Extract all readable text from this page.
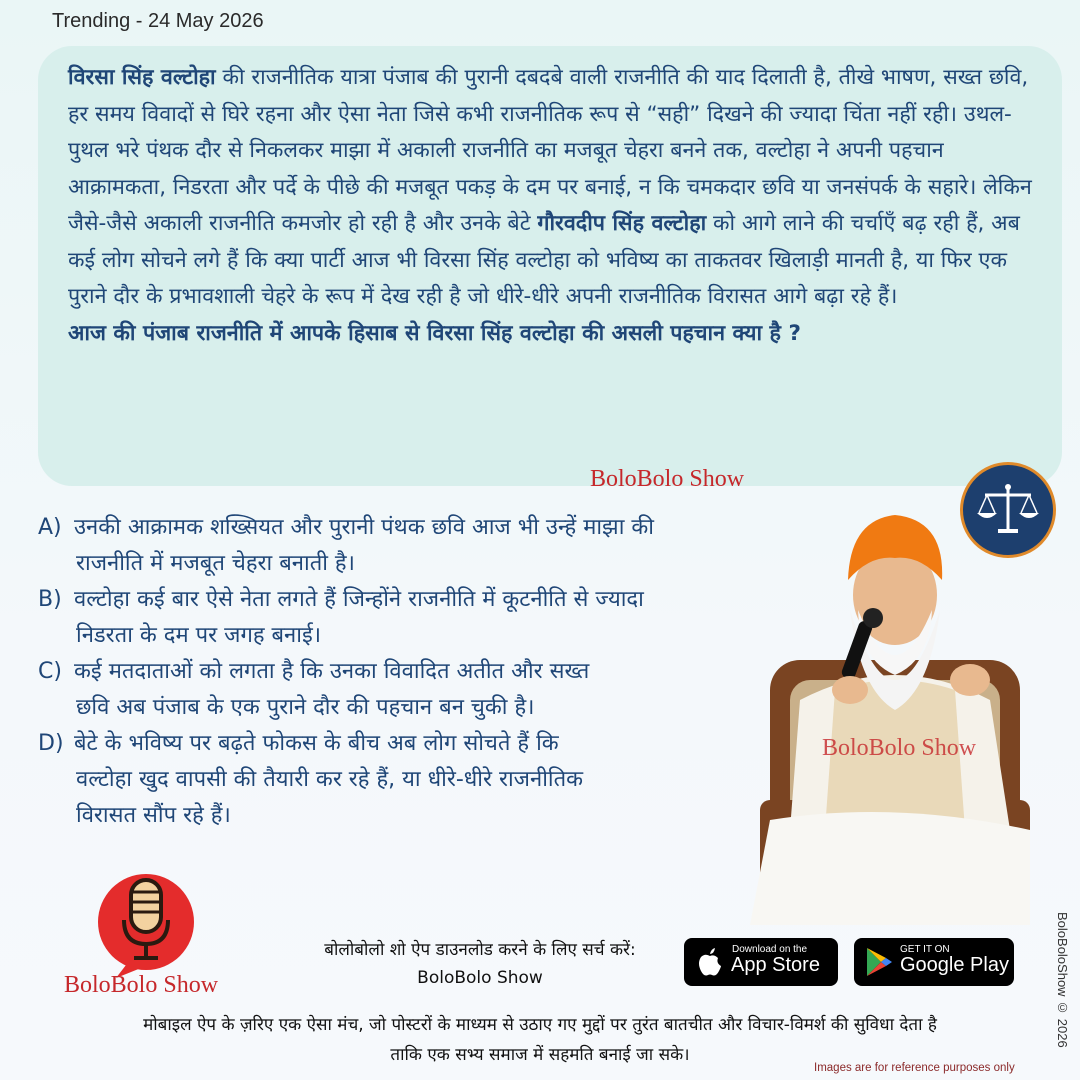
Trending - 24 May 2026

विरसा सिंह वल्टोहा की राजनीतिक यात्रा पंजाब की पुरानी दबदबे वाली राजनीति की याद दिलाती है, तीखे भाषण, सख्त छवि, हर समय विवादों से घिरे रहना और ऐसा नेता जिसे कभी राजनीतिक रूप से “सही” दिखने की ज्यादा चिंता नहीं रही। उथल-पुथल भरे पंथक दौर से निकलकर माझा में अकाली राजनीति का मजबूत चेहरा बनने तक, वल्टोहा ने अपनी पहचान आक्रामकता, निडरता और पर्दे के पीछे की मजबूत पकड़ के दम पर बनाई, न कि चमकदार छवि या जनसंपर्क के सहारे। लेकिन जैसे-जैसे अकाली राजनीति कमजोर हो रही है और उनके बेटे गौरवदीप सिंह वल्टोहा को आगे लाने की चर्चाएँ बढ़ रही हैं, अब कई लोग सोचने लगे हैं कि क्या पार्टी आज भी विरसा सिंह वल्टोहा को भविष्य का ताकतवर खिलाड़ी मानती है, या फिर एक पुराने दौर के प्रभावशाली चेहरे के रूप में देख रही है जो धीरे-धीरे अपनी राजनीतिक विरासत आगे बढ़ा रहे हैं।

आज की पंजाब राजनीति में आपके हिसाब से विरसा सिंह वल्टोहा की असली पहचान क्या है ?

BoloBolo Show
A) उनकी आक्रामक शख्सियत और पुरानी पंथक छवि आज भी उन्हें माझा की
राजनीति में मजबूत चेहरा बनाती है।
B) वल्टोहा कई बार ऐसे नेता लगते हैं जिन्होंने राजनीति में कूटनीति से ज्यादा
निडरता के दम पर जगह बनाई।
C) कई मतदाताओं को लगता है कि उनका विवादित अतीत और सख्त
छवि अब पंजाब के एक पुराने दौर की पहचान बन चुकी है।
D) बेटे के भविष्य पर बढ़ते फोकस के बीच अब लोग सोचते हैं कि
वल्टोहा खुद वापसी की तैयारी कर रहे हैं, या धीरे-धीरे राजनीतिक
विरासत सौंप रहे हैं।
BoloBolo Show
BoloBoloShow © 2026
BoloBolo Show
बोलोबोलो शो ऐप डाउनलोड करने के लिए सर्च करें:
BoloBolo Show
Download on the
App Store
GET IT ON
Google Play
मोबाइल ऐप के ज़रिए एक ऐसा मंच, जो पोस्टरों के माध्यम से उठाए गए मुद्दों पर तुरंत बातचीत और विचार-विमर्श की सुविधा देता है
ताकि एक सभ्य समाज में सहमति बनाई जा सके।
Images are for reference purposes only
